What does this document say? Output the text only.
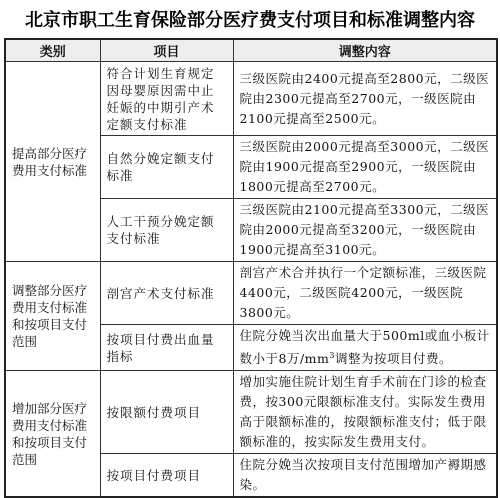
北京市职工生育保险部分医疗费支付项目和标准调整内容
类别	项目	调整内容
提高部分医疗费用支付标准	符合计划生育规定因母婴原因需中止妊娠的中期引产术定额支付标准	三级医院由2400元提高至2800元，二级医院由2300元提高至2700元，一级医院由2100元提高至2500元。
	自然分娩定额支付标准	三级医院由2000元提高至3000元，二级医院由1900元提高至2900元，一级医院由1800元提高至2700元。
	人工干预分娩定额支付标准	三级医院由2100元提高至3300元，二级医院由2000元提高至3200元，一级医院由1900元提高至3100元。
调整部分医疗费用支付标准和按项目支付范围	剖宫产术支付标准	剖宫产术合并执行一个定额标准，三级医院4400元，二级医院4200元，一级医院3800元。
	按项目付费出血量指标	住院分娩当次出血量大于500ml或血小板计数小于8万$/mm^3$调整为按项目付费。
增加部分医疗费用支付标准和按项目支付范围	按限额付费项目	增加实施住院计划生育手术前在门诊的检查费，按300元限额标准支付。实际发生费用高于限额标准的，按限额标准支付；低于限额标准的，按实际发生费用支付。
	按项目付费项目	住院分娩当次按项目支付范围增加产褥期感染。
